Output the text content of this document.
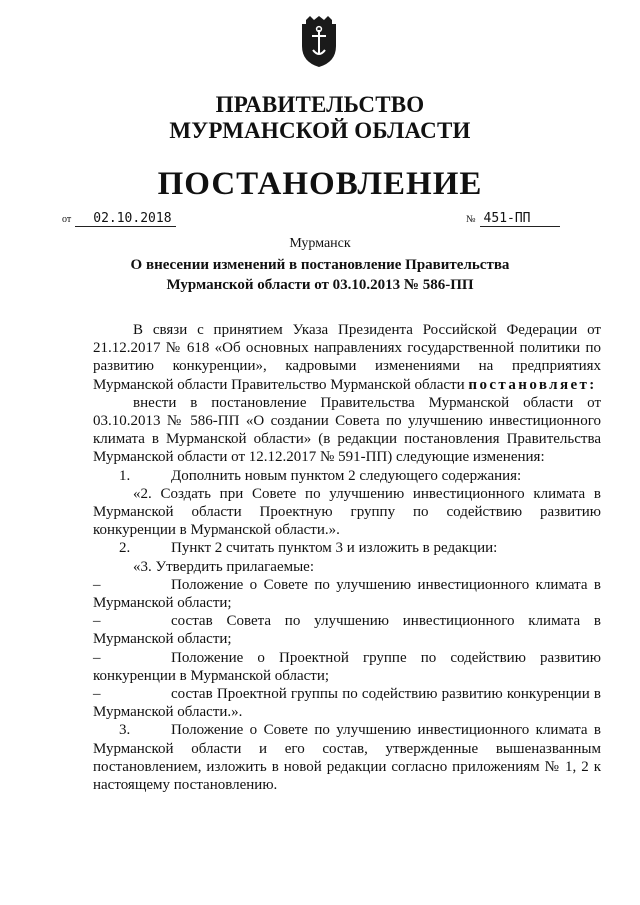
ПРАВИТЕЛЬСТВО
МУРМАНСКОЙ ОБЛАСТИ
ПОСТАНОВЛЕНИЕ
от 02.10.2018	№ 451-ПП
Мурманск
О внесении изменений в постановление Правительства
Мурманской области от 03.10.2013 № 586-ПП

В связи с принятием Указа Президента Российской Федерации от 21.12.2017 № 618 «Об основных направлениях государственной политики по развитию конкуренции», кадровыми изменениями на предприятиях Мурманской области Правительство Мурманской области постановляет:

внести в постановление Правительства Мурманской области от 03.10.2013 № 586-ПП «О создании Совета по улучшению инвестиционного климата в Мурманской области» (в редакции постановления Правительства Мурманской области от 12.12.2017 № 591-ПП) следующие изменения:

1.	Дополнить новым пунктом 2 следующего содержания:

«2. Создать при Совете по улучшению инвестиционного климата в Мурманской области Проектную группу по содействию развитию конкуренции в Мурманской области.».

2.	Пункт 2 считать пунктом 3 и изложить в редакции:

«3. Утвердить прилагаемые:

–	Положение о Совете по улучшению инвестиционного климата в Мурманской области;

–	состав Совета по улучшению инвестиционного климата в Мурманской области;

–	Положение о Проектной группе по содействию развитию конкуренции в Мурманской области;

–	состав Проектной группы по содействию развитию конкуренции в Мурманской области.».

3.	Положение о Совете по улучшению инвестиционного климата в Мурманской области и его состав, утвержденные вышеназванным постановлением, изложить в новой редакции согласно приложениям № 1, 2 к настоящему постановлению.
